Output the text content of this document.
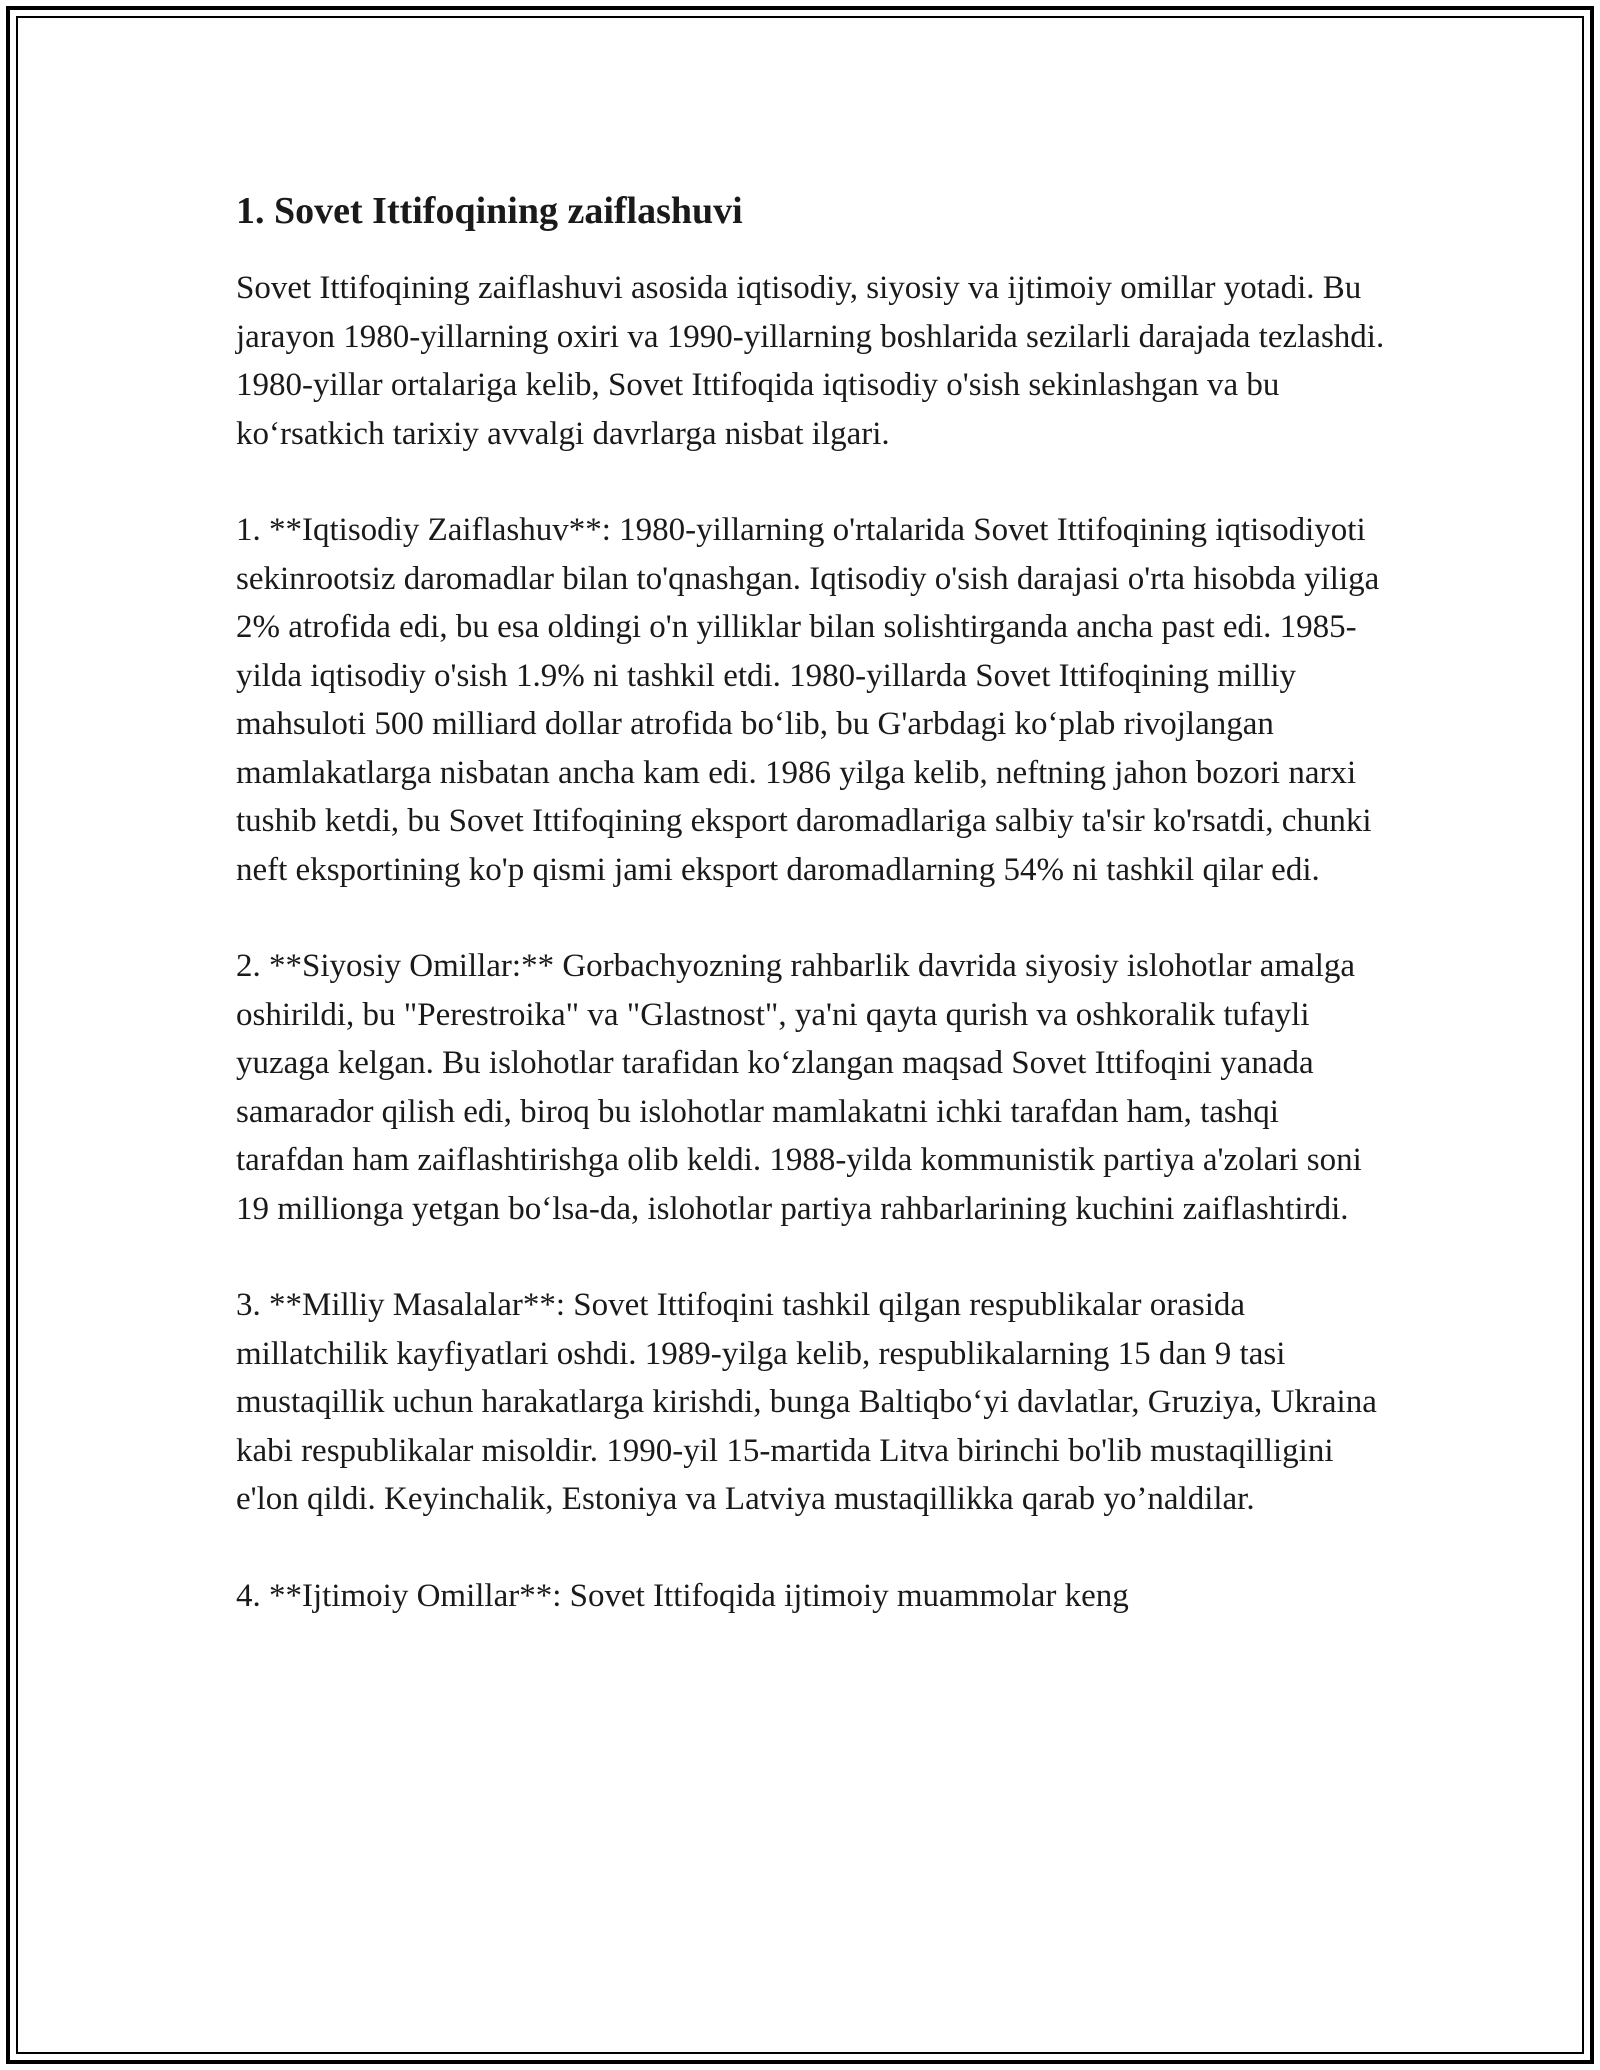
1. Sovet Ittifoqining zaiflashuvi

Sovet Ittifoqining zaiflashuvi asosida iqtisodiy, siyosiy va ijtimoiy omillar yotadi. Bu jarayon 1980-yillarning oxiri va 1990-yillarning boshlarida sezilarli darajada tezlashdi. 1980-yillar ortalariga kelib, Sovet Ittifoqida iqtisodiy o'sish sekinlashgan va bu koʻrsatkich tarixiy avvalgi davrlarga nisbat ilgari.

1. **Iqtisodiy Zaiflashuv**: 1980-yillarning o'rtalarida Sovet Ittifoqining iqtisodiyoti sekinrootsiz daromadlar bilan to'qnashgan. Iqtisodiy o'sish darajasi o'rta hisobda yiliga 2% atrofida edi, bu esa oldingi o'n yilliklar bilan solishtirganda ancha past edi. 1985-yilda iqtisodiy o'sish 1.9% ni tashkil etdi. 1980-yillarda Sovet Ittifoqining milliy mahsuloti 500 milliard dollar atrofida boʻlib, bu G'arbdagi koʻplab rivojlangan mamlakatlarga nisbatan ancha kam edi. 1986 yilga kelib, neftning jahon bozori narxi tushib ketdi, bu Sovet Ittifoqining eksport daromadlariga salbiy ta'sir ko'rsatdi, chunki neft eksportining ko'p qismi jami eksport daromadlarning 54% ni tashkil qilar edi.

2. **Siyosiy Omillar:** Gorbachyozning rahbarlik davrida siyosiy islohotlar amalga oshirildi, bu "Perestroika" va "Glastnost", ya'ni qayta qurish va oshkoralik tufayli yuzaga kelgan. Bu islohotlar tarafidan koʻzlangan maqsad Sovet Ittifoqini yanada samarador qilish edi, biroq bu islohotlar mamlakatni ichki tarafdan ham, tashqi tarafdan ham zaiflashtirishga olib keldi. 1988-yilda kommunistik partiya a'zolari soni 19 millionga yetgan boʻlsa-da, islohotlar partiya rahbarlarining kuchini zaiflashtirdi.

3. **Milliy Masalalar**: Sovet Ittifoqini tashkil qilgan respublikalar orasida millatchilik kayfiyatlari oshdi. 1989-yilga kelib, respublikalarning 15 dan 9 tasi mustaqillik uchun harakatlarga kirishdi, bunga Baltiqboʻyi davlatlar, Gruziya, Ukraina kabi respublikalar misoldir. 1990-yil 15-martida Litva birinchi bo'lib mustaqilligini e'lon qildi. Keyinchalik, Estoniya va Latviya mustaqillikka qarab yo’naldilar.

4. **Ijtimoiy Omillar**: Sovet Ittifoqida ijtimoiy muammolar keng
